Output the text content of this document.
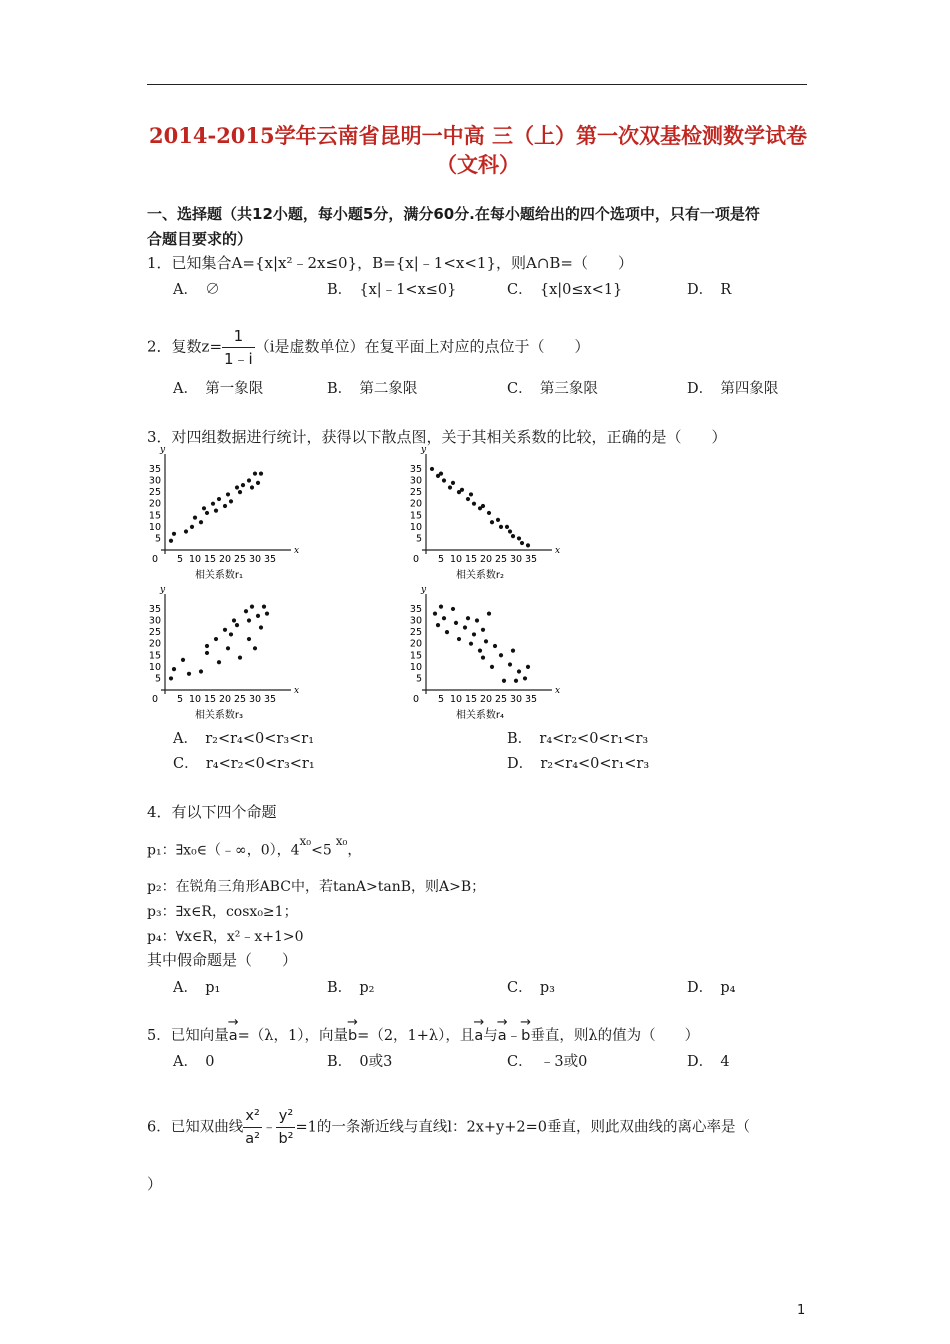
2014-2015学年云南省昆明一中高 三（上）第一次双基检测数学试卷
（文科）
一、选择题（共12小题，每小题5分，满分60分.在每小题给出的四个选项中，只有一项是符
合题目要求的）
1．已知集合A={x|x²﹣2x≤0}，B={x|﹣1<x<1}，则A∩B=（　　）
A．　∅	B．　{x|﹣1<x≤0}	C．　{x|0≤x<1}	D．　R
2．复数$z= \frac{1}{1﹣i} (i$是虚数单位）在复平面上对应的点位于（　　）
A．　第一象限	B．　第二象限	C．　第三象限	D．　第四象限
3．对四组数据进行统计，获得以下散点图，关于其相关系数的比较，正确的是（　　）
x
y
0 5 10 15 20 25 30 35
5
10
15
20
25
30
35
相关系数r₁
x
y
0 5 10 15 20 25 30 35
5
10
15
20
25
30
35
相关系数r₂
x
y
0 5 10 15 20 25 30 35
5
10
15
20
25
30
35
相关系数r₃
x
y
0 5 10 15 20 25 30 35
5
10
15
20
25
30
35
相关系数r₄
A．　r₂<r₄<0<r₃<r₁	B．　r₄<r₂<0<r₁<r₃
C．　r₄<r₂<0<r₃<r₁	D．　r₂<r₄<0<r₁<r₃
4．有以下四个命题
p₁：∃x₀∈（﹣∞，0），$4^{x_0}<5^{x_0}$，
p₂：在锐角三角形ABC中，若tanA>tanB，则A>B；
p₃：∃x∈R，cosx₀≥1；
p₄：∀x∈R，x²﹣x+1>0
其中假命题是（　　）
A．　p₁	B．　p₂	C．　p₃	D．　p₄
5．已知向量→ a=（λ，1），向量→ b=（2，1+λ），且→ a与→ a﹣→ b垂直，则λ的值为（　　）
A．　0	B．　0或3	C．　﹣3或0	D．　4
6．已知双曲线 $\frac{\text{x²}}{\text{a²}}$ ﹣ $\frac{\text{y²}}{\text{b²}} =1$的一条渐近线与直线l：2x+y+2=0垂直，则此双曲线的离心率是（
）
1
